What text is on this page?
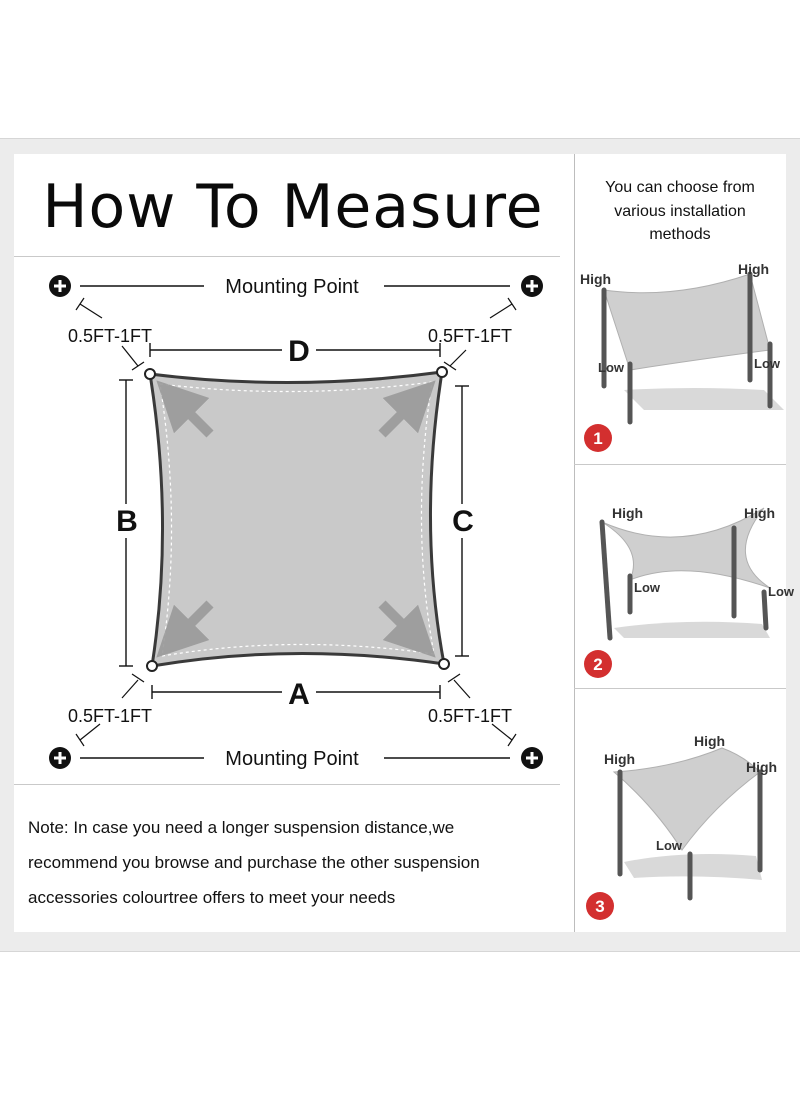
How To Measure
Mounting Point
Mounting Point
0.5FT-1FT	0.5FT-1FT
0.5FT-1FT	0.5FT-1FT
D
A
B	C
Note: In case you need a longer suspension distance,we
recommend you browse and purchase the other suspension
accessories colourtree offers to meet your needs
You can choose from
various installation
methods
High
High
Low	Low
1
High	High
Low	Low
2
High
High
High
Low
3
